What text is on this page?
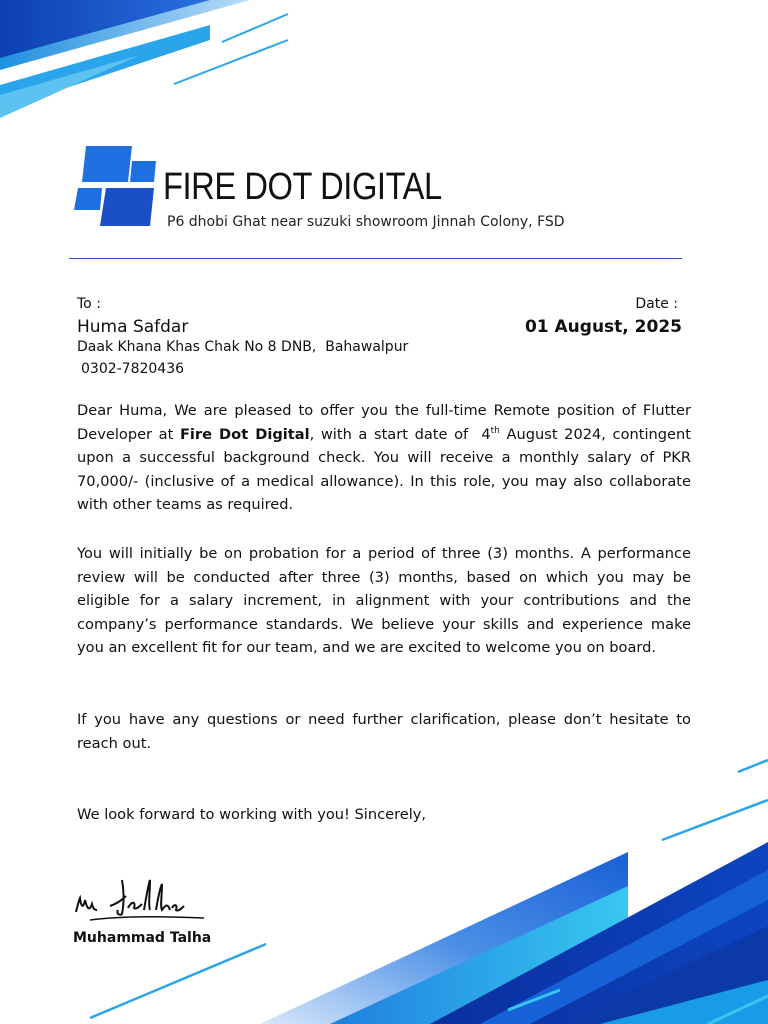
FIRE DOT DIGITAL
P6 dhobi Ghat near suzuki showroom Jinnah Colony, FSD
To :	Date :
Huma Safdar	01 August, 2025
Daak Khana Khas Chak No 8 DNB,  Bahawalpur
0302-7820436
Dear Huma, We are pleased to offer you the full-time Remote position of Flutter Developer at Fire Dot Digital, with a start date of  4th August 2024, contingent upon a successful background check. You will receive a monthly salary of PKR 70,000/- (inclusive of a medical allowance). In this role, you may also collaborate with other teams as required.
You will initially be on probation for a period of three (3) months. A performance review will be conducted after three (3) months, based on which you may be eligible for a salary increment, in alignment with your contributions and the company’s performance standards. We believe your skills and experience make you an excellent fit for our team, and we are excited to welcome you on board.
If you have any questions or need further clarification, please don’t hesitate to reach out.
We look forward to working with you! Sincerely,
Muhammad Talha
